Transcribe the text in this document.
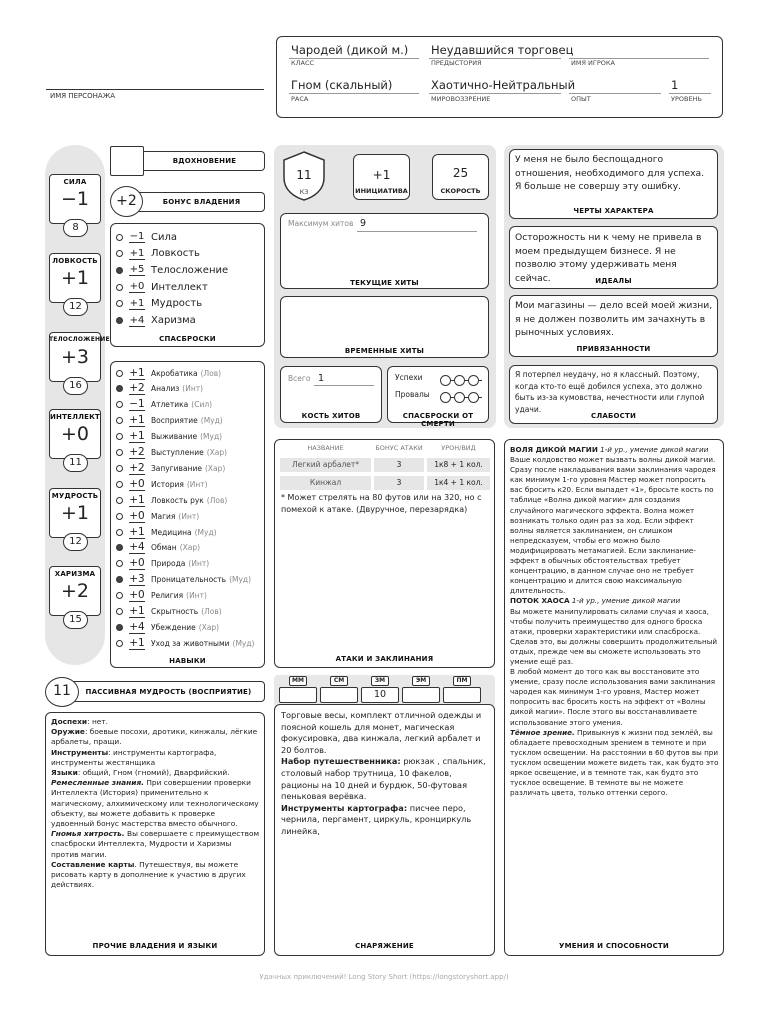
ИМЯ ПЕРСОНАЖА
Чародей (дикой м.)
КЛАСС
Неудавшийся торговец
ПРЕДЫСТОРИЯ	ИМЯ ИГРОКА
Гном (скальный)
РАСА
Хаотично-Нейтральный
МИРОВОЗЗРЕНИЕ	ОПЫТ
1
УРОВЕНЬ
СИЛА
−1
8
ЛОВКОСТЬ
+1
12
ТЕЛОСЛОЖЕНИЕ
+3
16
ИНТЕЛЛЕКТ
+0
11
МУДРОСТЬ
+1
12
ХАРИЗМА
+2
15
ВДОХНОВЕНИЕ
+2	БОНУС ВЛАДЕНИЯ
−1 Сила
+1 Ловкость
+5 Телосложение
+0 Интеллект
+1 Мудрость
+4 Харизма
СПАСБРОСКИ
+1 Акробатика (Лов)
+2 Анализ (Инт)
−1 Атлетика (Сил)
+1 Восприятие (Муд)
+1 Выживание (Муд)
+2 Выступление (Хар)
+2 Запугивание (Хар)
+0 История (Инт)
+1 Ловкость рук (Лов)
+0 Магия (Инт)
+1 Медицина (Муд)
+4 Обман (Хар)
+0 Природа (Инт)
+3 Проницательность (Муд)
+0 Религия (Инт)
+1 Скрытность (Лов)
+4 Убеждение (Хар)
+1 Уход за животными (Муд)
НАВЫКИ
11	ПАССИВНАЯ МУДРОСТЬ (ВОСПРИЯТИЕ)
11
КЗ
+1
ИНИЦИАТИВА
25
СКОРОСТЬ
Максимум хитов 9
ТЕКУЩИЕ ХИТЫ
ВРЕМЕННЫЕ ХИТЫ
Всего 1
КОСТЬ ХИТОВ
Успехи
Провалы
СПАСБРОСКИ ОТ СМЕРТИ
НАЗВАНИЕ	БОНУС АТАКИ	УРОН/ВИД
Легкий арбалет*	3	1к8 + 1 кол.
Кинжал	3	1к4 + 1 кол.
* Может стрелять на 80 футов или на 320, но с помехой к атаке. (Двуручное, перезарядка)
АТАКИ И ЗАКЛИНАНИЯ
ММ	СМ	ЗМ
10
ЭМ	ПМ
Торговые весы, комплект отличной одежды и поясной кошель для монет, магическая фокусировка, два кинжала, легкий арбалет и 20 болтов.
Набор путешественника: рюкзак , спальник, столовый набор трутница, 10 факелов, рационы на 10 дней и бурдюк, 50-футовая пеньковая верёвка.
Инструменты картографа: писчее перо, чернила, пергамент, циркуль, кронциркуль линейка,
СНАРЯЖЕНИЕ
Доспехи: нет.
Оружие: боевые посохи, дротики, кинжалы, лёгкие арбалеты, пращи.
Инструменты: инструменты картографа, инструменты жестянщика
Языки: общий, Гном (гномий), Дварфийский.
Ремесленные знания. При совершении проверки Интеллекта (История) применительно к магическому, алхимическому или технологическому объекту, вы можете добавить к проверке удвоенный бонус мастерства вместо обычного.
Гномья хитрость. Вы совершаете с преимуществом спасброски Интеллекта, Мудрости и Харизмы против магии.
Составление карты. Путешествуя, вы можете рисовать карту в дополнение к участию в других действиях.
ПРОЧИЕ ВЛАДЕНИЯ И ЯЗЫКИ
У меня не было беспощадного отношения, необходимого для успеха. Я больше не совершу эту ошибку.
ЧЕРТЫ ХАРАКТЕРА
Осторожность ни к чему не привела в моем предыдущем бизнесе. Я не позволю этому удерживать меня сейчас.	ИДЕАЛЫ
Мои магазины — дело всей моей жизни, я не должен позволить им зачахнуть в рыночных условиях.
ПРИВЯЗАННОСТИ
Я потерпел неудачу, но я классный. Поэтому, когда кто-то ещё добился успеха, это должно быть из-за кумовства, нечестности или глупой удачи.
СЛАБОСТИ
ВОЛЯ ДИКОЙ МАГИИ 1-й ур., умение дикой магии
Ваше колдовство может вызвать волны дикой магии. Сразу после накладывания вами заклинания чародея как минимум 1-го уровня Мастер может попросить вас бросить к20. Если выпадет «1», бросьте кость по таблице «Волна дикой магии» для создания случайного магического эффекта. Волна может возникать только один раз за ход. Если эффект волны является заклинанием, он слишком непредсказуем, чтобы его можно было модифицировать метамагией. Если заклинание-эффект в обычных обстоятельствах требует концентрацию, в данном случае оно не требует концентрацию и длится свою максимальную длительность.
ПОТОК ХАОСА 1-й ур., умение дикой магии
Вы можете манипулировать силами случая и хаоса, чтобы получить преимущество для одного броска атаки, проверки характеристики или спасброска. Сделав это, вы должны совершить продолжительный отдых, прежде чем вы сможете использовать это умение ещё раз.
В любой момент до того как вы восстановите это умение, сразу после использования вами заклинания чародея как минимум 1-го уровня, Мастер может попросить вас бросить кость на эффект от «Волны дикой магии». После этого вы восстанавливаете использование этого умения.
Тёмное зрение. Привыкнув к жизни под землёй, вы обладаете превосходным зрением в темноте и при тусклом освещении. На расстоянии в 60 футов вы при тусклом освещении можете видеть так, как будто это яркое освещение, и в темноте так, как будто это тусклое освещение. В темноте вы не можете различать цвета, только оттенки серого.
УМЕНИЯ И СПОСОБНОСТИ
Удачных приключений! Long Story Short (https://longstoryshort.app/)
